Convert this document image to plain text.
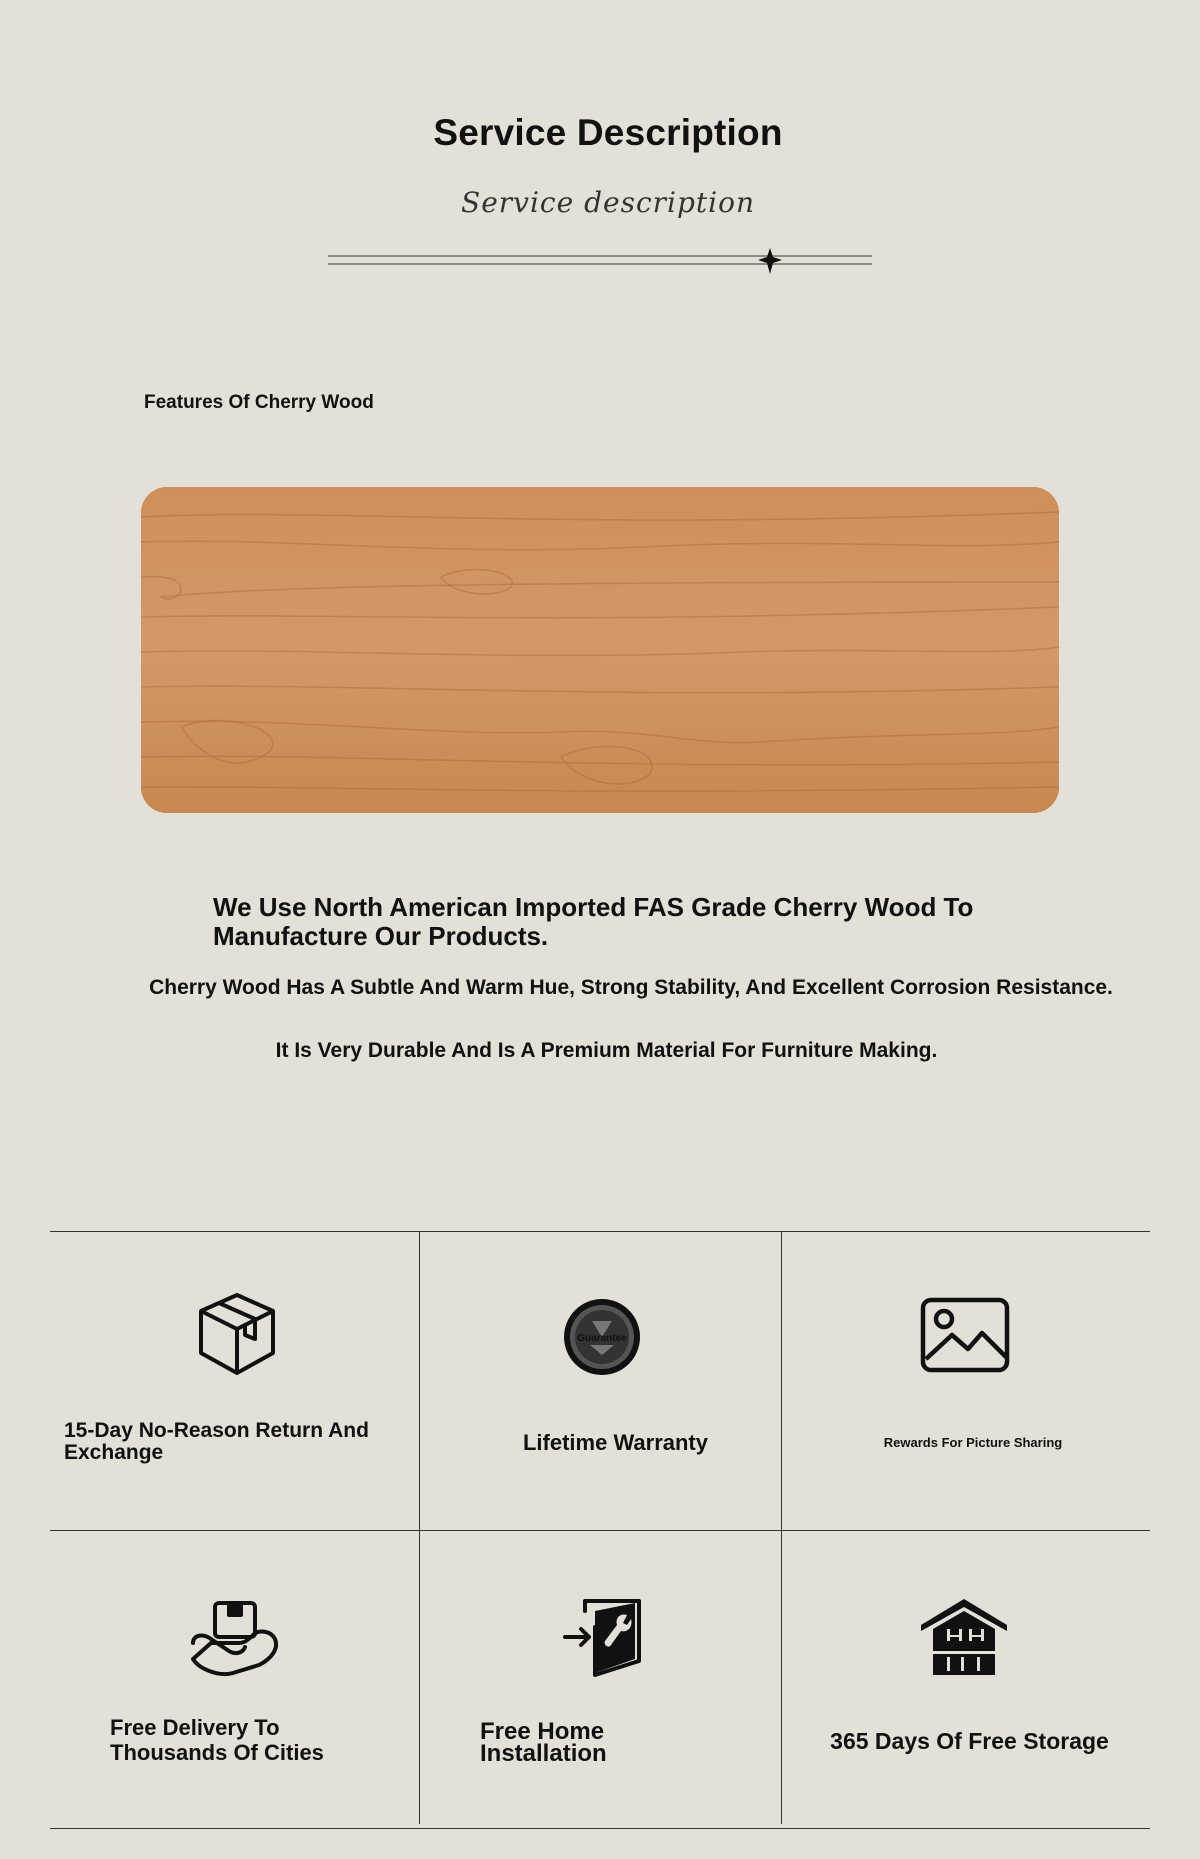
Service Description
Service description
Features Of Cherry Wood
We Use North American Imported FAS Grade Cherry Wood To Manufacture Our Products.
Cherry Wood Has A Subtle And Warm Hue, Strong Stability, And Excellent Corrosion Resistance.
It Is Very Durable And Is A Premium Material For Furniture Making.
15-Day No-Reason Return And Exchange
Guarantee
Lifetime Warranty	Rewards For Picture Sharing
Free Delivery To Thousands Of Cities
Free Home Installation	365 Days Of Free Storage
